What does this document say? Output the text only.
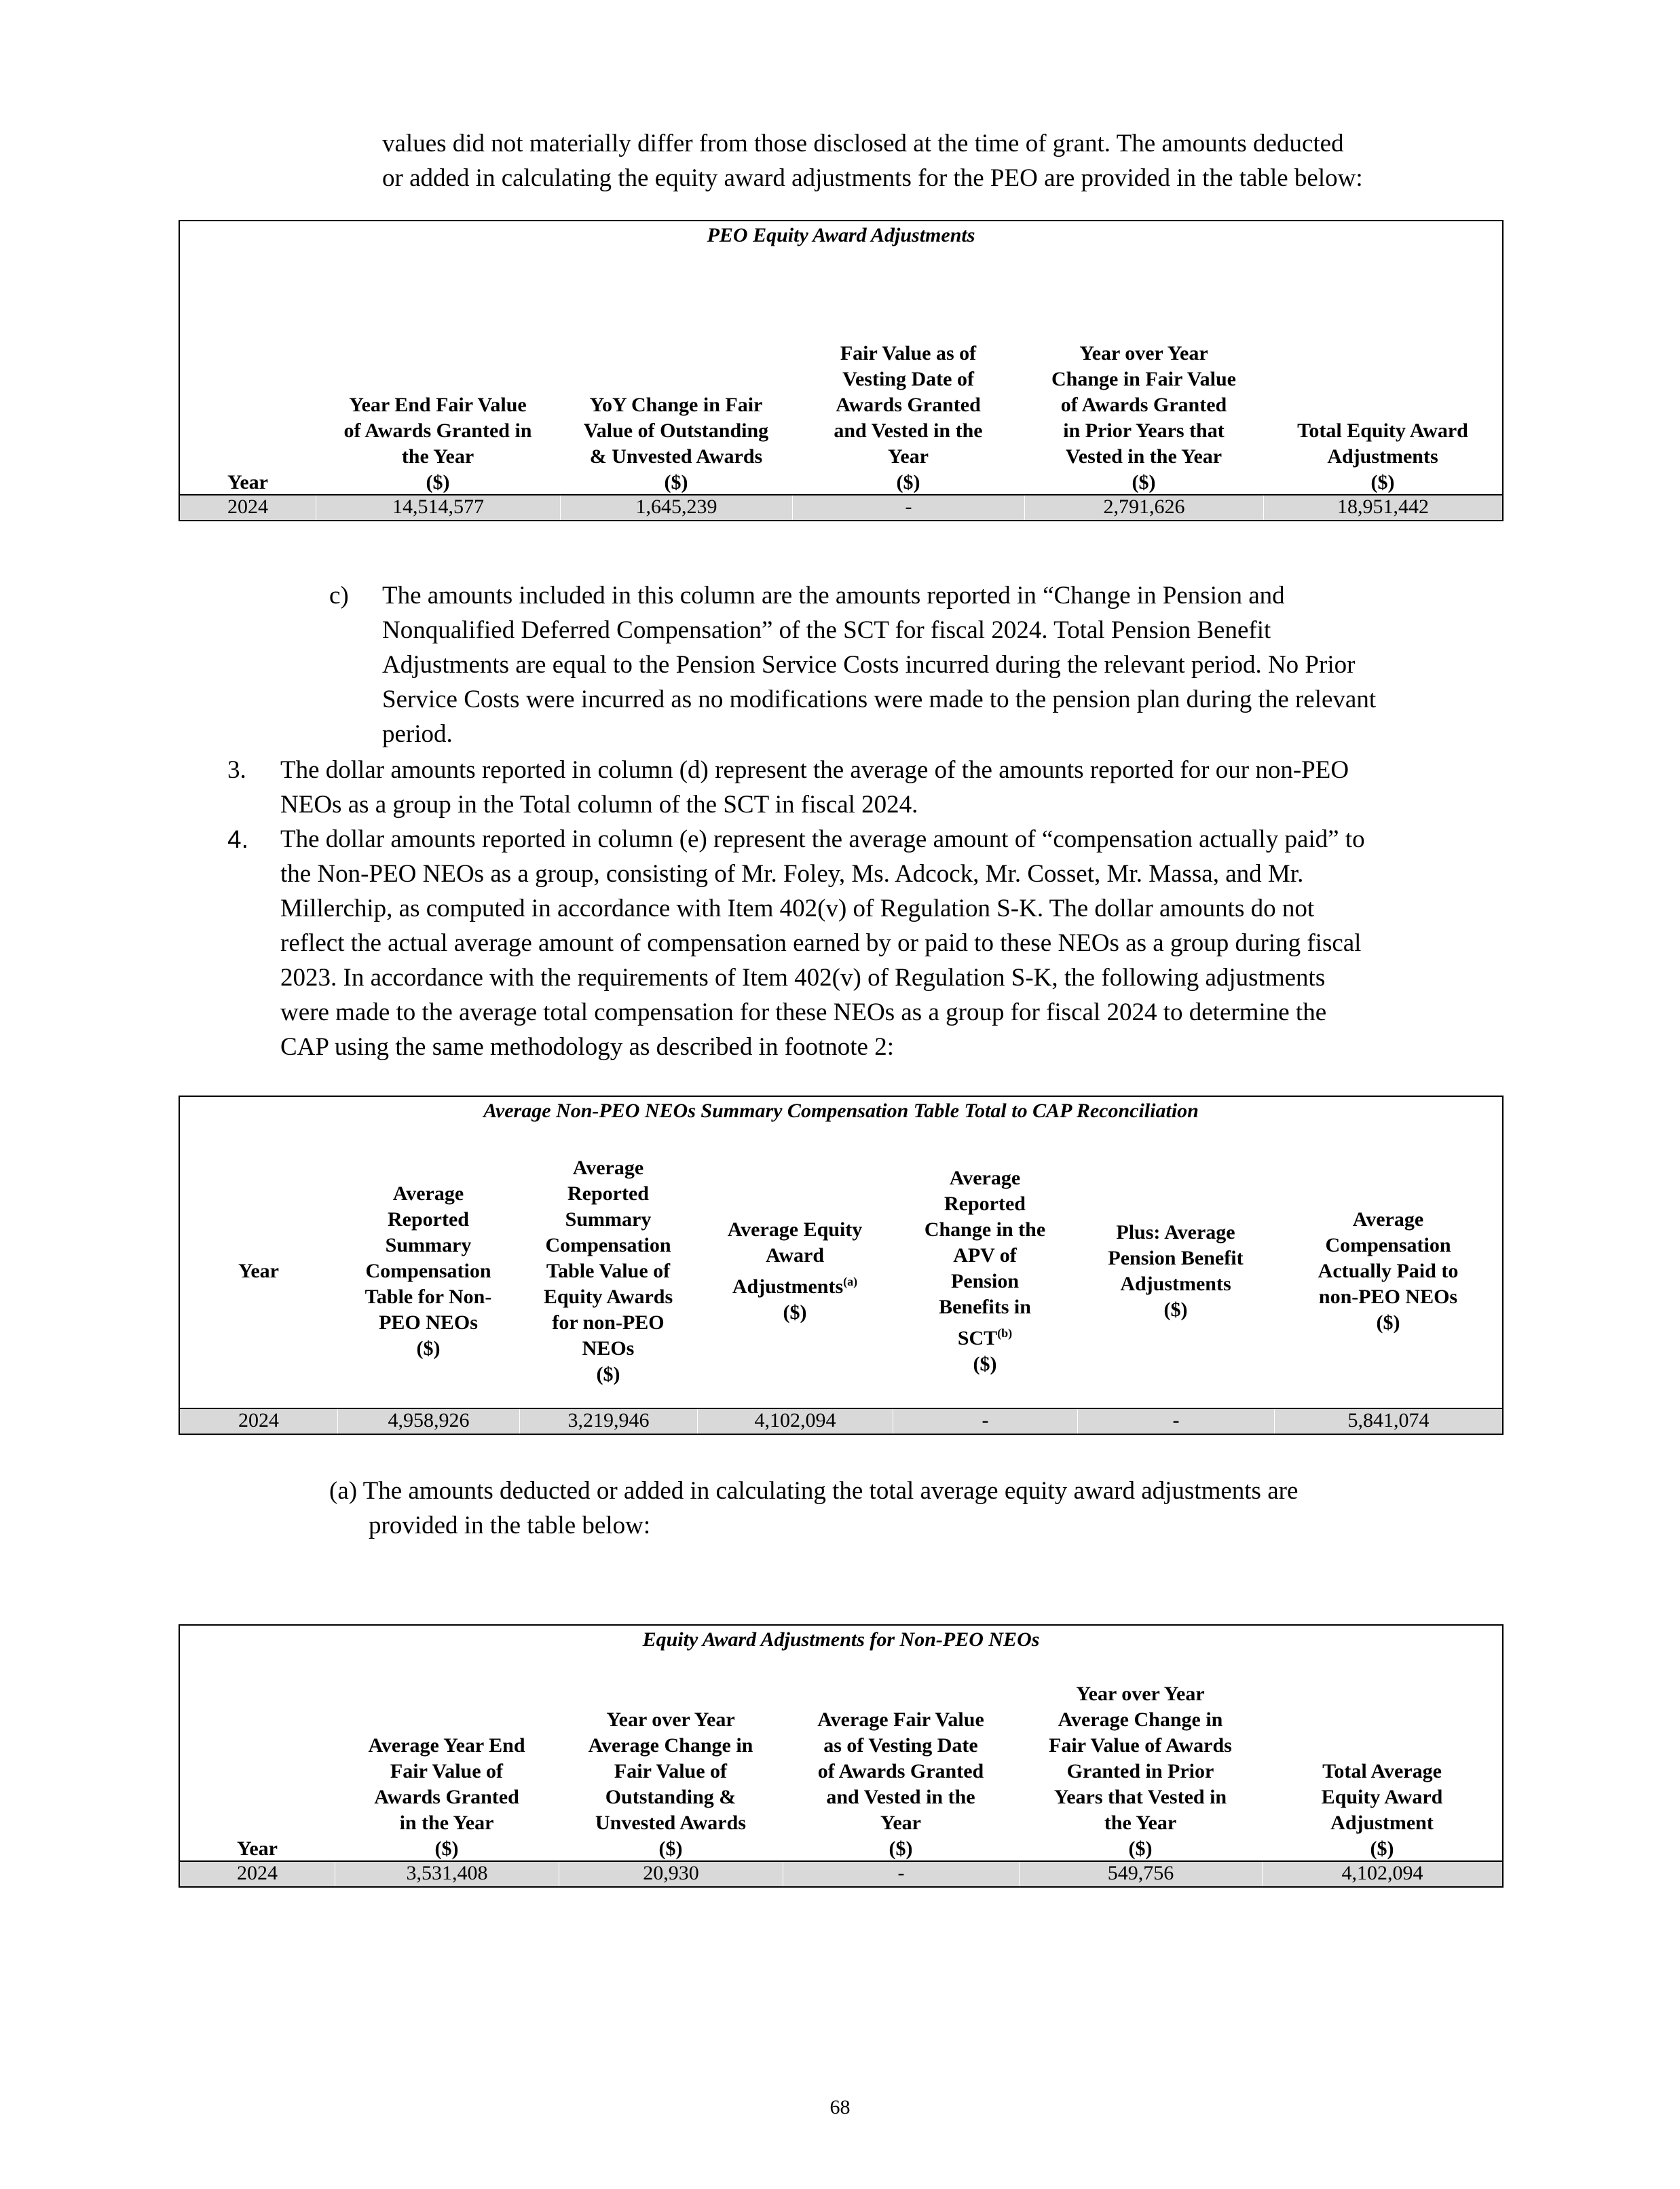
values did not materially differ from those disclosed at the time of grant. The amounts deducted
or added in calculating the equity award adjustments for the PEO are provided in the table below:
PEO Equity Award Adjustments
Year
Year End Fair Value
of Awards Granted in
the Year
($)
YoY Change in Fair
Value of Outstanding
& Unvested Awards
($)
Fair Value as of
Vesting Date of
Awards Granted
and Vested in the
Year
($)
Year over Year
Change in Fair Value
of Awards Granted
in Prior Years that
Vested in the Year
($)
Total Equity Award
Adjustments
($)
2024	14,514,577	1,645,239	-	2,791,626	18,951,442
c) The amounts included in this column are the amounts reported in “Change in Pension and
Nonqualified Deferred Compensation” of the SCT for fiscal 2024. Total Pension Benefit
Adjustments are equal to the Pension Service Costs incurred during the relevant period. No Prior
Service Costs were incurred as no modifications were made to the pension plan during the relevant
period.
3. The dollar amounts reported in column (d) represent the average of the amounts reported for our non-PEO
NEOs as a group in the Total column of the SCT in fiscal 2024.
4. The dollar amounts reported in column (e) represent the average amount of “compensation actually paid” to
the Non-PEO NEOs as a group, consisting of Mr. Foley, Ms. Adcock, Mr. Cosset, Mr. Massa, and Mr.
Millerchip, as computed in accordance with Item 402(v) of Regulation S-K. The dollar amounts do not
reflect the actual average amount of compensation earned by or paid to these NEOs as a group during fiscal
2023. In accordance with the requirements of Item 402(v) of Regulation S-K, the following adjustments
were made to the average total compensation for these NEOs as a group for fiscal 2024 to determine the
CAP using the same methodology as described in footnote 2:
Average Non-PEO NEOs Summary Compensation Table Total to CAP Reconciliation
Year
Average
Reported
Summary
Compensation
Table for Non-
PEO NEOs
($)
Average
Reported
Summary
Compensation
Table Value of
Equity Awards
for non-PEO
NEOs
($)
Average Equity
Award
Adjustments$^{(a)}$
($)
Average
Reported
Change in the
APV of
Pension
Benefits in
SCT$^{(b)}$
($)
Plus: Average
Pension Benefit
Adjustments
($)
Average
Compensation
Actually Paid to
non-PEO NEOs
($)
2024	4,958,926	3,219,946	4,102,094	-	-	5,841,074
(a) The amounts deducted or added in calculating the total average equity award adjustments are
provided in the table below:
Equity Award Adjustments for Non-PEO NEOs
Year
Average Year End
Fair Value of
Awards Granted
in the Year
($)
Year over Year
Average Change in
Fair Value of
Outstanding &
Unvested Awards
($)
Average Fair Value
as of Vesting Date
of Awards Granted
and Vested in the
Year
($)
Year over Year
Average Change in
Fair Value of Awards
Granted in Prior
Years that Vested in
the Year
($)
Total Average
Equity Award
Adjustment
($)
2024	3,531,408	20,930	-	549,756	4,102,094
68
